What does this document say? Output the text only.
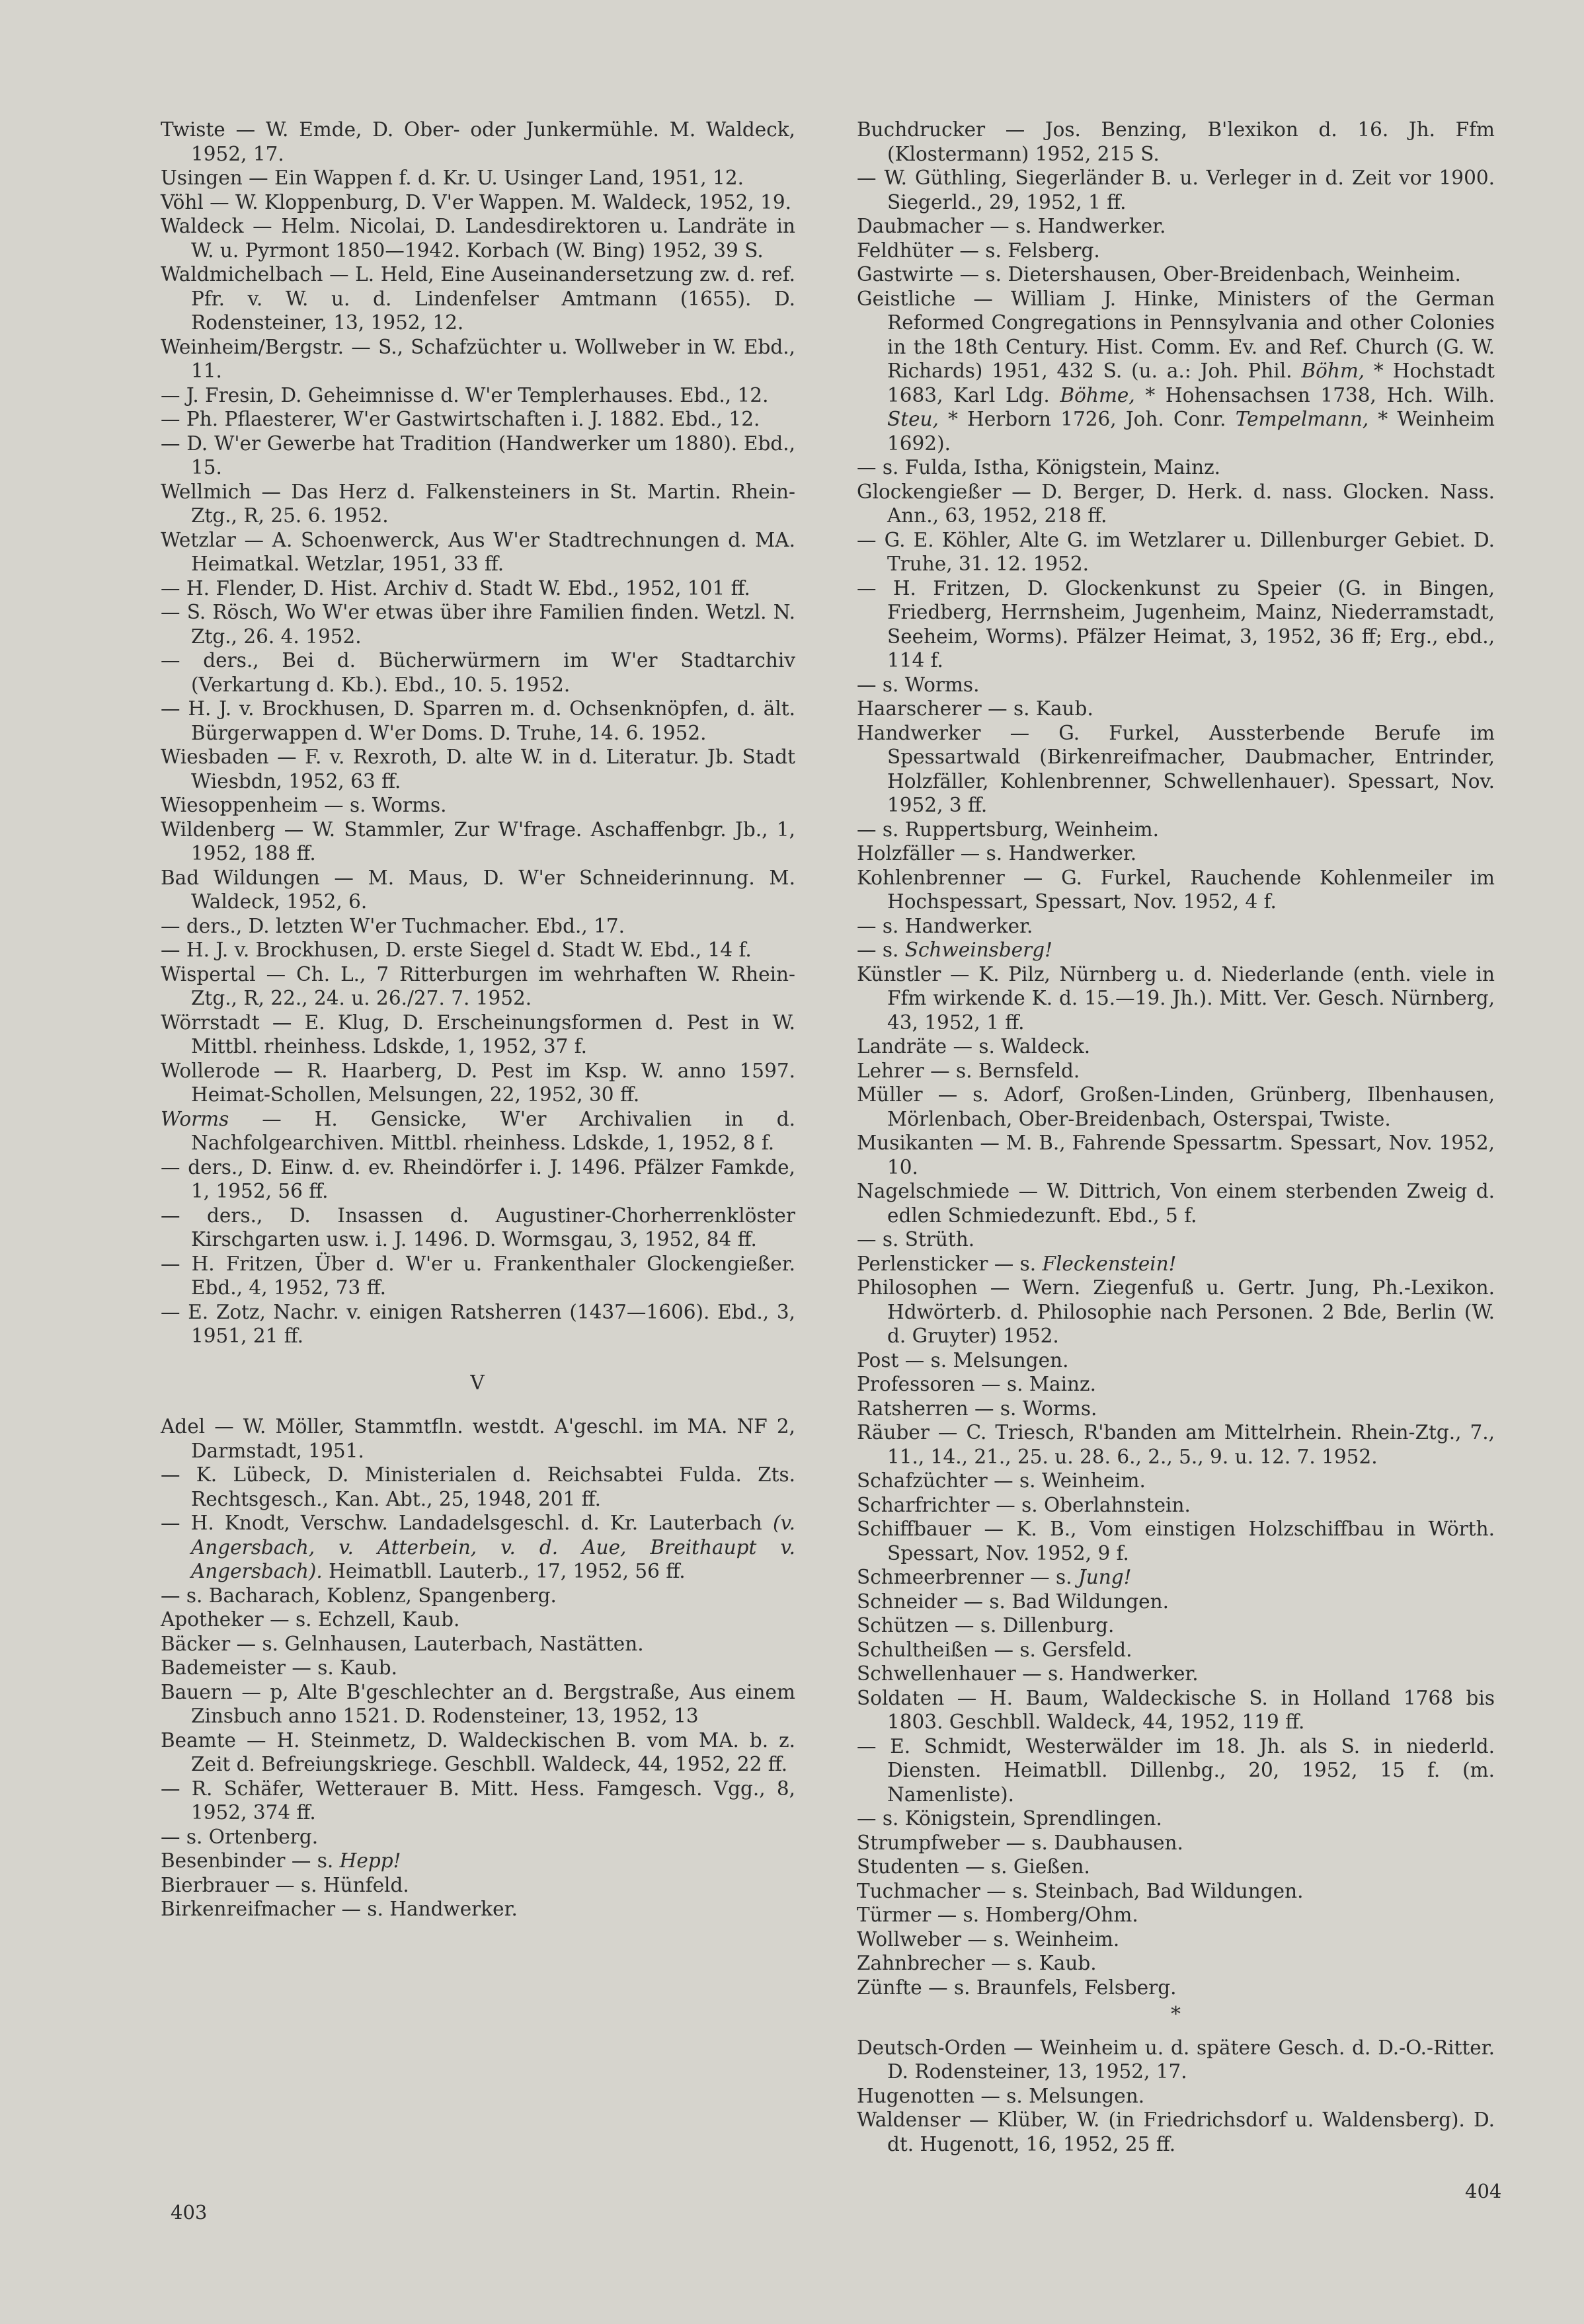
Twiste — W. Emde, D. Ober- oder Junkermühle. M. Waldeck, 1952, 17.

Usingen — Ein Wappen f. d. Kr. U. Usinger Land, 1951, 12.

Vöhl — W. Kloppenburg, D. V'er Wappen. M. Waldeck, 1952, 19.

Waldeck — Helm. Nicolai, D. Landesdirektoren u. Landräte in W. u. Pyrmont 1850—1942. Korbach (W. Bing) 1952, 39 S.

Waldmichelbach — L. Held, Eine Auseinandersetzung zw. d. ref. Pfr. v. W. u. d. Lindenfelser Amtmann (1655). D. Rodensteiner, 13, 1952, 12.

Weinheim/Bergstr. — S., Schafzüchter u. Wollweber in W. Ebd., 11.

— J. Fresin, D. Geheimnisse d. W'er Templerhauses. Ebd., 12.

— Ph. Pflaesterer, W'er Gastwirtschaften i. J. 1882. Ebd., 12.

— D. W'er Gewerbe hat Tradition (Handwerker um 1880). Ebd., 15.

Wellmich — Das Herz d. Falkensteiners in St. Martin. Rhein-Ztg., R, 25. 6. 1952.

Wetzlar — A. Schoenwerck, Aus W'er Stadtrechnungen d. MA. Heimatkal. Wetzlar, 1951, 33 ff.

— H. Flender, D. Hist. Archiv d. Stadt W. Ebd., 1952, 101 ff.

— S. Rösch, Wo W'er etwas über ihre Familien finden. Wetzl. N. Ztg., 26. 4. 1952.

— ders., Bei d. Bücherwürmern im W'er Stadtarchiv (Verkartung d. Kb.). Ebd., 10. 5. 1952.

— H. J. v. Brockhusen, D. Sparren m. d. Ochsenknöpfen, d. ält. Bürgerwappen d. W'er Doms. D. Truhe, 14. 6. 1952.

Wiesbaden — F. v. Rexroth, D. alte W. in d. Literatur. Jb. Stadt Wiesbdn, 1952, 63 ff.

Wiesoppenheim — s. Worms.

Wildenberg — W. Stammler, Zur W'frage. Aschaffenbgr. Jb., 1, 1952, 188 ff.

Bad Wildungen — M. Maus, D. W'er Schneiderinnung. M. Waldeck, 1952, 6.

— ders., D. letzten W'er Tuchmacher. Ebd., 17.

— H. J. v. Brockhusen, D. erste Siegel d. Stadt W. Ebd., 14 f.

Wispertal — Ch. L., 7 Ritterburgen im wehrhaften W. Rhein-Ztg., R, 22., 24. u. 26./27. 7. 1952.

Wörrstadt — E. Klug, D. Erscheinungsformen d. Pest in W. Mittbl. rheinhess. Ldskde, 1, 1952, 37 f.

Wollerode — R. Haarberg, D. Pest im Ksp. W. anno 1597. Heimat-Schollen, Melsungen, 22, 1952, 30 ff.

Worms — H. Gensicke, W'er Archivalien in d. Nachfolgearchiven. Mittbl. rheinhess. Ldskde, 1, 1952, 8 f.

— ders., D. Einw. d. ev. Rheindörfer i. J. 1496. Pfälzer Famkde, 1, 1952, 56 ff.

— ders., D. Insassen d. Augustiner-Chorherrenklöster Kirschgarten usw. i. J. 1496. D. Wormsgau, 3, 1952, 84 ff.

— H. Fritzen, Über d. W'er u. Frankenthaler Glockengießer. Ebd., 4, 1952, 73 ff.

— E. Zotz, Nachr. v. einigen Ratsherren (1437—1606). Ebd., 3, 1951, 21 ff.

V

Adel — W. Möller, Stammtfln. westdt. A'geschl. im MA. NF 2, Darmstadt, 1951.

— K. Lübeck, D. Ministerialen d. Reichsabtei Fulda. Zts. Rechtsgesch., Kan. Abt., 25, 1948, 201 ff.

— H. Knodt, Verschw. Landadelsgeschl. d. Kr. Lauterbach (v. Angersbach, v. Atterbein, v. d. Aue, Breithaupt v. Angersbach). Heimatbll. Lauterb., 17, 1952, 56 ff.

— s. Bacharach, Koblenz, Spangenberg.

Apotheker — s. Echzell, Kaub.

Bäcker — s. Gelnhausen, Lauterbach, Nastätten.

Bademeister — s. Kaub.

Bauern — p, Alte B'geschlechter an d. Bergstraße, Aus einem Zinsbuch anno 1521. D. Rodensteiner, 13, 1952, 13

Beamte — H. Steinmetz, D. Waldeckischen B. vom MA. b. z. Zeit d. Befreiungskriege. Geschbll. Waldeck, 44, 1952, 22 ff.

— R. Schäfer, Wetterauer B. Mitt. Hess. Famgesch. Vgg., 8, 1952, 374 ff.

— s. Ortenberg.

Besenbinder — s. Hepp!

Bierbrauer — s. Hünfeld.

Birkenreifmacher — s. Handwerker.

Buchdrucker — Jos. Benzing, B'lexikon d. 16. Jh. Ffm (Klostermann) 1952, 215 S.

— W. Güthling, Siegerländer B. u. Verleger in d. Zeit vor 1900. Siegerld., 29, 1952, 1 ff.

Daubmacher — s. Handwerker.

Feldhüter — s. Felsberg.

Gastwirte — s. Dietershausen, Ober-Breidenbach, Weinheim.

Geistliche — William J. Hinke, Ministers of the German Reformed Congregations in Pennsylvania and other Colonies in the 18th Century. Hist. Comm. Ev. and Ref. Church (G. W. Richards) 1951, 432 S. (u. a.: Joh. Phil. Böhm, * Hochstadt 1683, Karl Ldg. Böhme, * Hohensachsen 1738, Hch. Wilh. Steu, * Herborn 1726, Joh. Conr. Tempelmann, * Weinheim 1692).

— s. Fulda, Istha, Königstein, Mainz.

Glockengießer — D. Berger, D. Herk. d. nass. Glocken. Nass. Ann., 63, 1952, 218 ff.

— G. E. Köhler, Alte G. im Wetzlarer u. Dillenburger Gebiet. D. Truhe, 31. 12. 1952.

— H. Fritzen, D. Glockenkunst zu Speier (G. in Bingen, Friedberg, Herrnsheim, Jugenheim, Mainz, Niederramstadt, Seeheim, Worms). Pfälzer Heimat, 3, 1952, 36 ff; Erg., ebd., 114 f.

— s. Worms.

Haarscherer — s. Kaub.

Handwerker — G. Furkel, Aussterbende Berufe im Spessartwald (Birkenreifmacher, Daubmacher, Entrinder, Holzfäller, Kohlenbrenner, Schwellenhauer). Spessart, Nov. 1952, 3 ff.

— s. Ruppertsburg, Weinheim.

Holzfäller — s. Handwerker.

Kohlenbrenner — G. Furkel, Rauchende Kohlenmeiler im Hochspessart, Spessart, Nov. 1952, 4 f.

— s. Handwerker.

— s. Schweinsberg!

Künstler — K. Pilz, Nürnberg u. d. Niederlande (enth. viele in Ffm wirkende K. d. 15.—19. Jh.). Mitt. Ver. Gesch. Nürnberg, 43, 1952, 1 ff.

Landräte — s. Waldeck.

Lehrer — s. Bernsfeld.

Müller — s. Adorf, Großen-Linden, Grünberg, Ilbenhausen, Mörlenbach, Ober-Breidenbach, Osterspai, Twiste.

Musikanten — M. B., Fahrende Spessartm. Spessart, Nov. 1952, 10.

Nagelschmiede — W. Dittrich, Von einem sterbenden Zweig d. edlen Schmiedezunft. Ebd., 5 f.

— s. Strüth.

Perlensticker — s. Fleckenstein!

Philosophen — Wern. Ziegenfuß u. Gertr. Jung, Ph.-Lexikon. Hdwörterb. d. Philosophie nach Personen. 2 Bde, Berlin (W. d. Gruyter) 1952.

Post — s. Melsungen.

Professoren — s. Mainz.

Ratsherren — s. Worms.

Räuber — C. Triesch, R'banden am Mittelrhein. Rhein-Ztg., 7., 11., 14., 21., 25. u. 28. 6., 2., 5., 9. u. 12. 7. 1952.

Schafzüchter — s. Weinheim.

Scharfrichter — s. Oberlahnstein.

Schiffbauer — K. B., Vom einstigen Holzschiffbau in Wörth. Spessart, Nov. 1952, 9 f.

Schmeerbrenner — s. Jung!

Schneider — s. Bad Wildungen.

Schützen — s. Dillenburg.

Schultheißen — s. Gersfeld.

Schwellenhauer — s. Handwerker.

Soldaten — H. Baum, Waldeckische S. in Holland 1768 bis 1803. Geschbll. Waldeck, 44, 1952, 119 ff.

— E. Schmidt, Westerwälder im 18. Jh. als S. in niederld. Diensten. Heimatbll. Dillenbg., 20, 1952, 15 f. (m. Namenliste).

— s. Königstein, Sprendlingen.

Strumpfweber — s. Daubhausen.

Studenten — s. Gießen.

Tuchmacher — s. Steinbach, Bad Wildungen.

Türmer — s. Homberg/Ohm.

Wollweber — s. Weinheim.

Zahnbrecher — s. Kaub.

Zünfte — s. Braunfels, Felsberg.

*

Deutsch-Orden — Weinheim u. d. spätere Gesch. d. D.-O.-Ritter. D. Rodensteiner, 13, 1952, 17.

Hugenotten — s. Melsungen.

Waldenser — Klüber, W. (in Friedrichsdorf u. Waldensberg). D. dt. Hugenott, 16, 1952, 25 ff.

403
404
